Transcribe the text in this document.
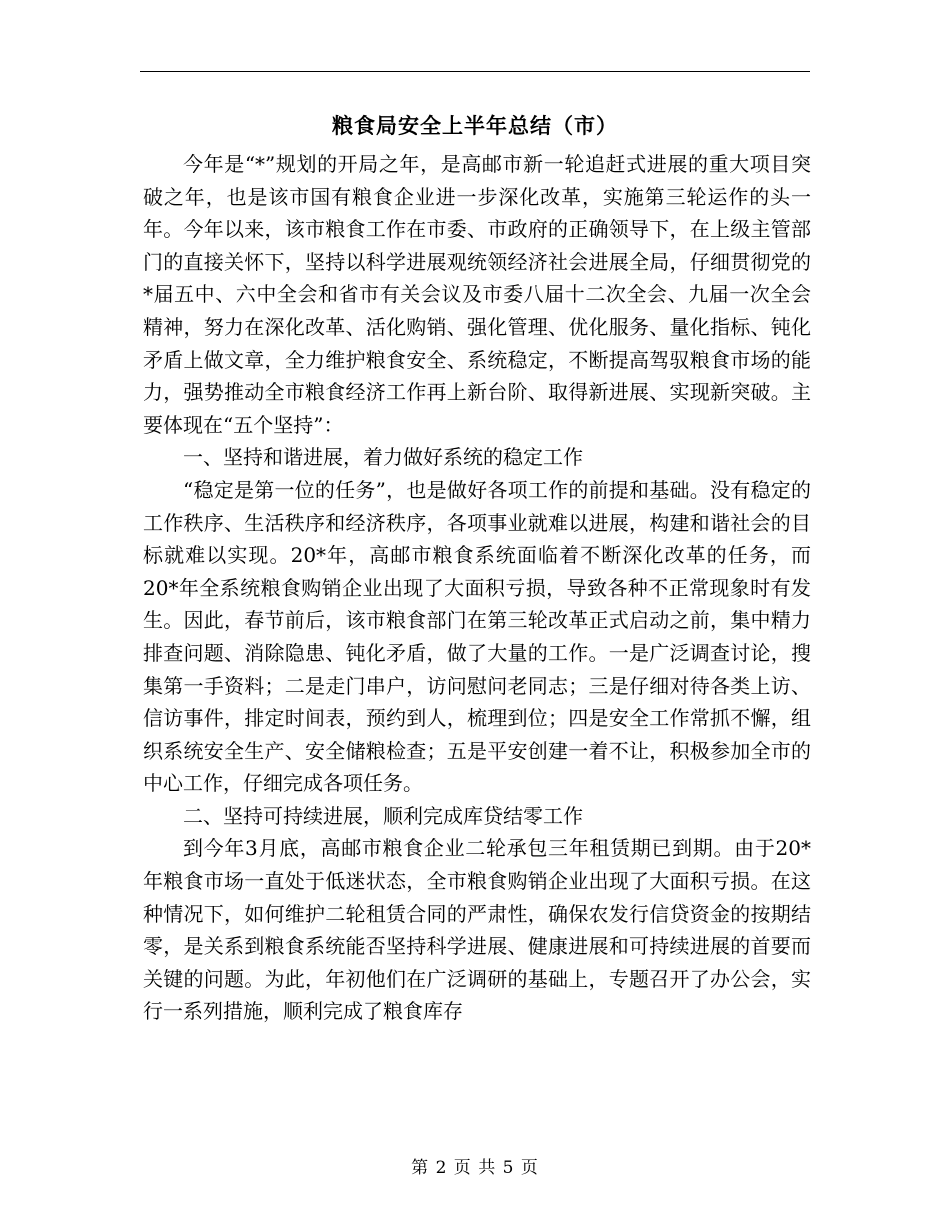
粮食局安全上半年总结（市）

今年是“*”规划的开局之年，是高邮市新一轮追赶式进展的重大项目突破之年，也是该市国有粮食企业进一步深化改革，实施第三轮运作的头一年。今年以来，该市粮食工作在市委、市政府的正确领导下，在上级主管部门的直接关怀下，坚持以科学进展观统领经济社会进展全局，仔细贯彻党的*届五中、六中全会和省市有关会议及市委八届十二次全会、九届一次全会精神，努力在深化改革、活化购销、强化管理、优化服务、量化指标、钝化矛盾上做文章，全力维护粮食安全、系统稳定，不断提高驾驭粮食市场的能力，强势推动全市粮食经济工作再上新台阶、取得新进展、实现新突破。主要体现在“五个坚持”：

一、坚持和谐进展，着力做好系统的稳定工作

“稳定是第一位的任务”，也是做好各项工作的前提和基础。没有稳定的工作秩序、生活秩序和经济秩序，各项事业就难以进展，构建和谐社会的目标就难以实现。20*年，高邮市粮食系统面临着不断深化改革的任务，而20*年全系统粮食购销企业出现了大面积亏损，导致各种不正常现象时有发生。因此，春节前后，该市粮食部门在第三轮改革正式启动之前，集中精力排查问题、消除隐患、钝化矛盾，做了大量的工作。一是广泛调查讨论，搜集第一手资料；二是走门串户，访问慰问老同志；三是仔细对待各类上访、信访事件，排定时间表，预约到人，梳理到位；四是安全工作常抓不懈，组织系统安全生产、安全储粮检查；五是平安创建一着不让，积极参加全市的中心工作，仔细完成各项任务。

二、坚持可持续进展，顺利完成库贷结零工作

到今年3月底，高邮市粮食企业二轮承包三年租赁期已到期。由于20*年粮食市场一直处于低迷状态，全市粮食购销企业出现了大面积亏损。在这种情况下，如何维护二轮租赁合同的严肃性，确保农发行信贷资金的按期结零，是关系到粮食系统能否坚持科学进展、健康进展和可持续进展的首要而关键的问题。为此，年初他们在广泛调研的基础上，专题召开了办公会，实行一系列措施，顺利完成了粮食库存

第 2 页 共 5 页
